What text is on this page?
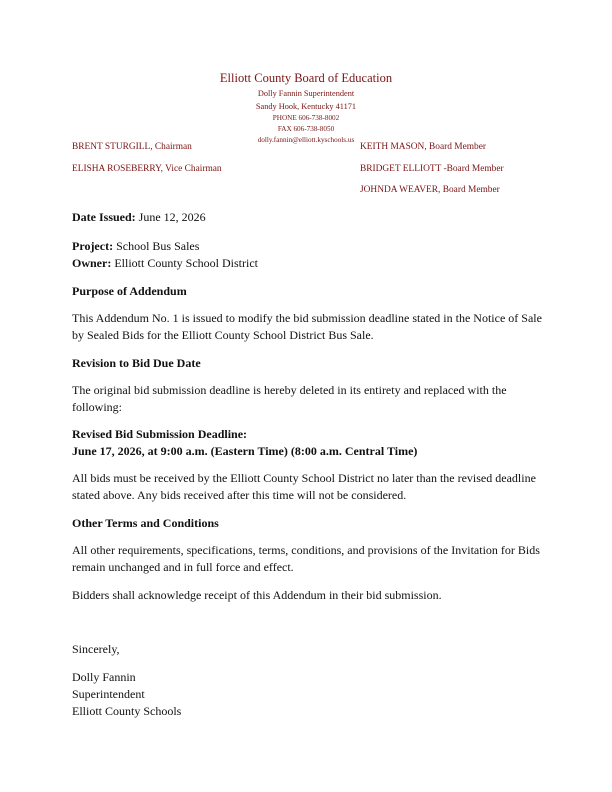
Elliott County Board of Education
Dolly Fannin Superintendent
Sandy Hook, Kentucky 41171
PHONE 606-738-8002
FAX 606-738-8050
dolly.fannin@elliott.kyschools.us
BRENT STURGILL, Chairman
ELISHA ROSEBERRY, Vice Chairman
KEITH MASON, Board Member
BRIDGET ELLIOTT -Board Member
JOHNDA WEAVER, Board Member
Date Issued: June 12, 2026
Project: School Bus Sales
Owner: Elliott County School District
Purpose of Addendum
This Addendum No. 1 is issued to modify the bid submission deadline stated in the Notice of Sale by Sealed Bids for the Elliott County School District Bus Sale.
Revision to Bid Due Date
The original bid submission deadline is hereby deleted in its entirety and replaced with the following:
Revised Bid Submission Deadline:
June 17, 2026, at 9:00 a.m. (Eastern Time) (8:00 a.m. Central Time)
All bids must be received by the Elliott County School District no later than the revised deadline stated above. Any bids received after this time will not be considered.
Other Terms and Conditions
All other requirements, specifications, terms, conditions, and provisions of the Invitation for Bids remain unchanged and in full force and effect.
Bidders shall acknowledge receipt of this Addendum in their bid submission.
Sincerely,
Dolly Fannin
Superintendent
Elliott County Schools
